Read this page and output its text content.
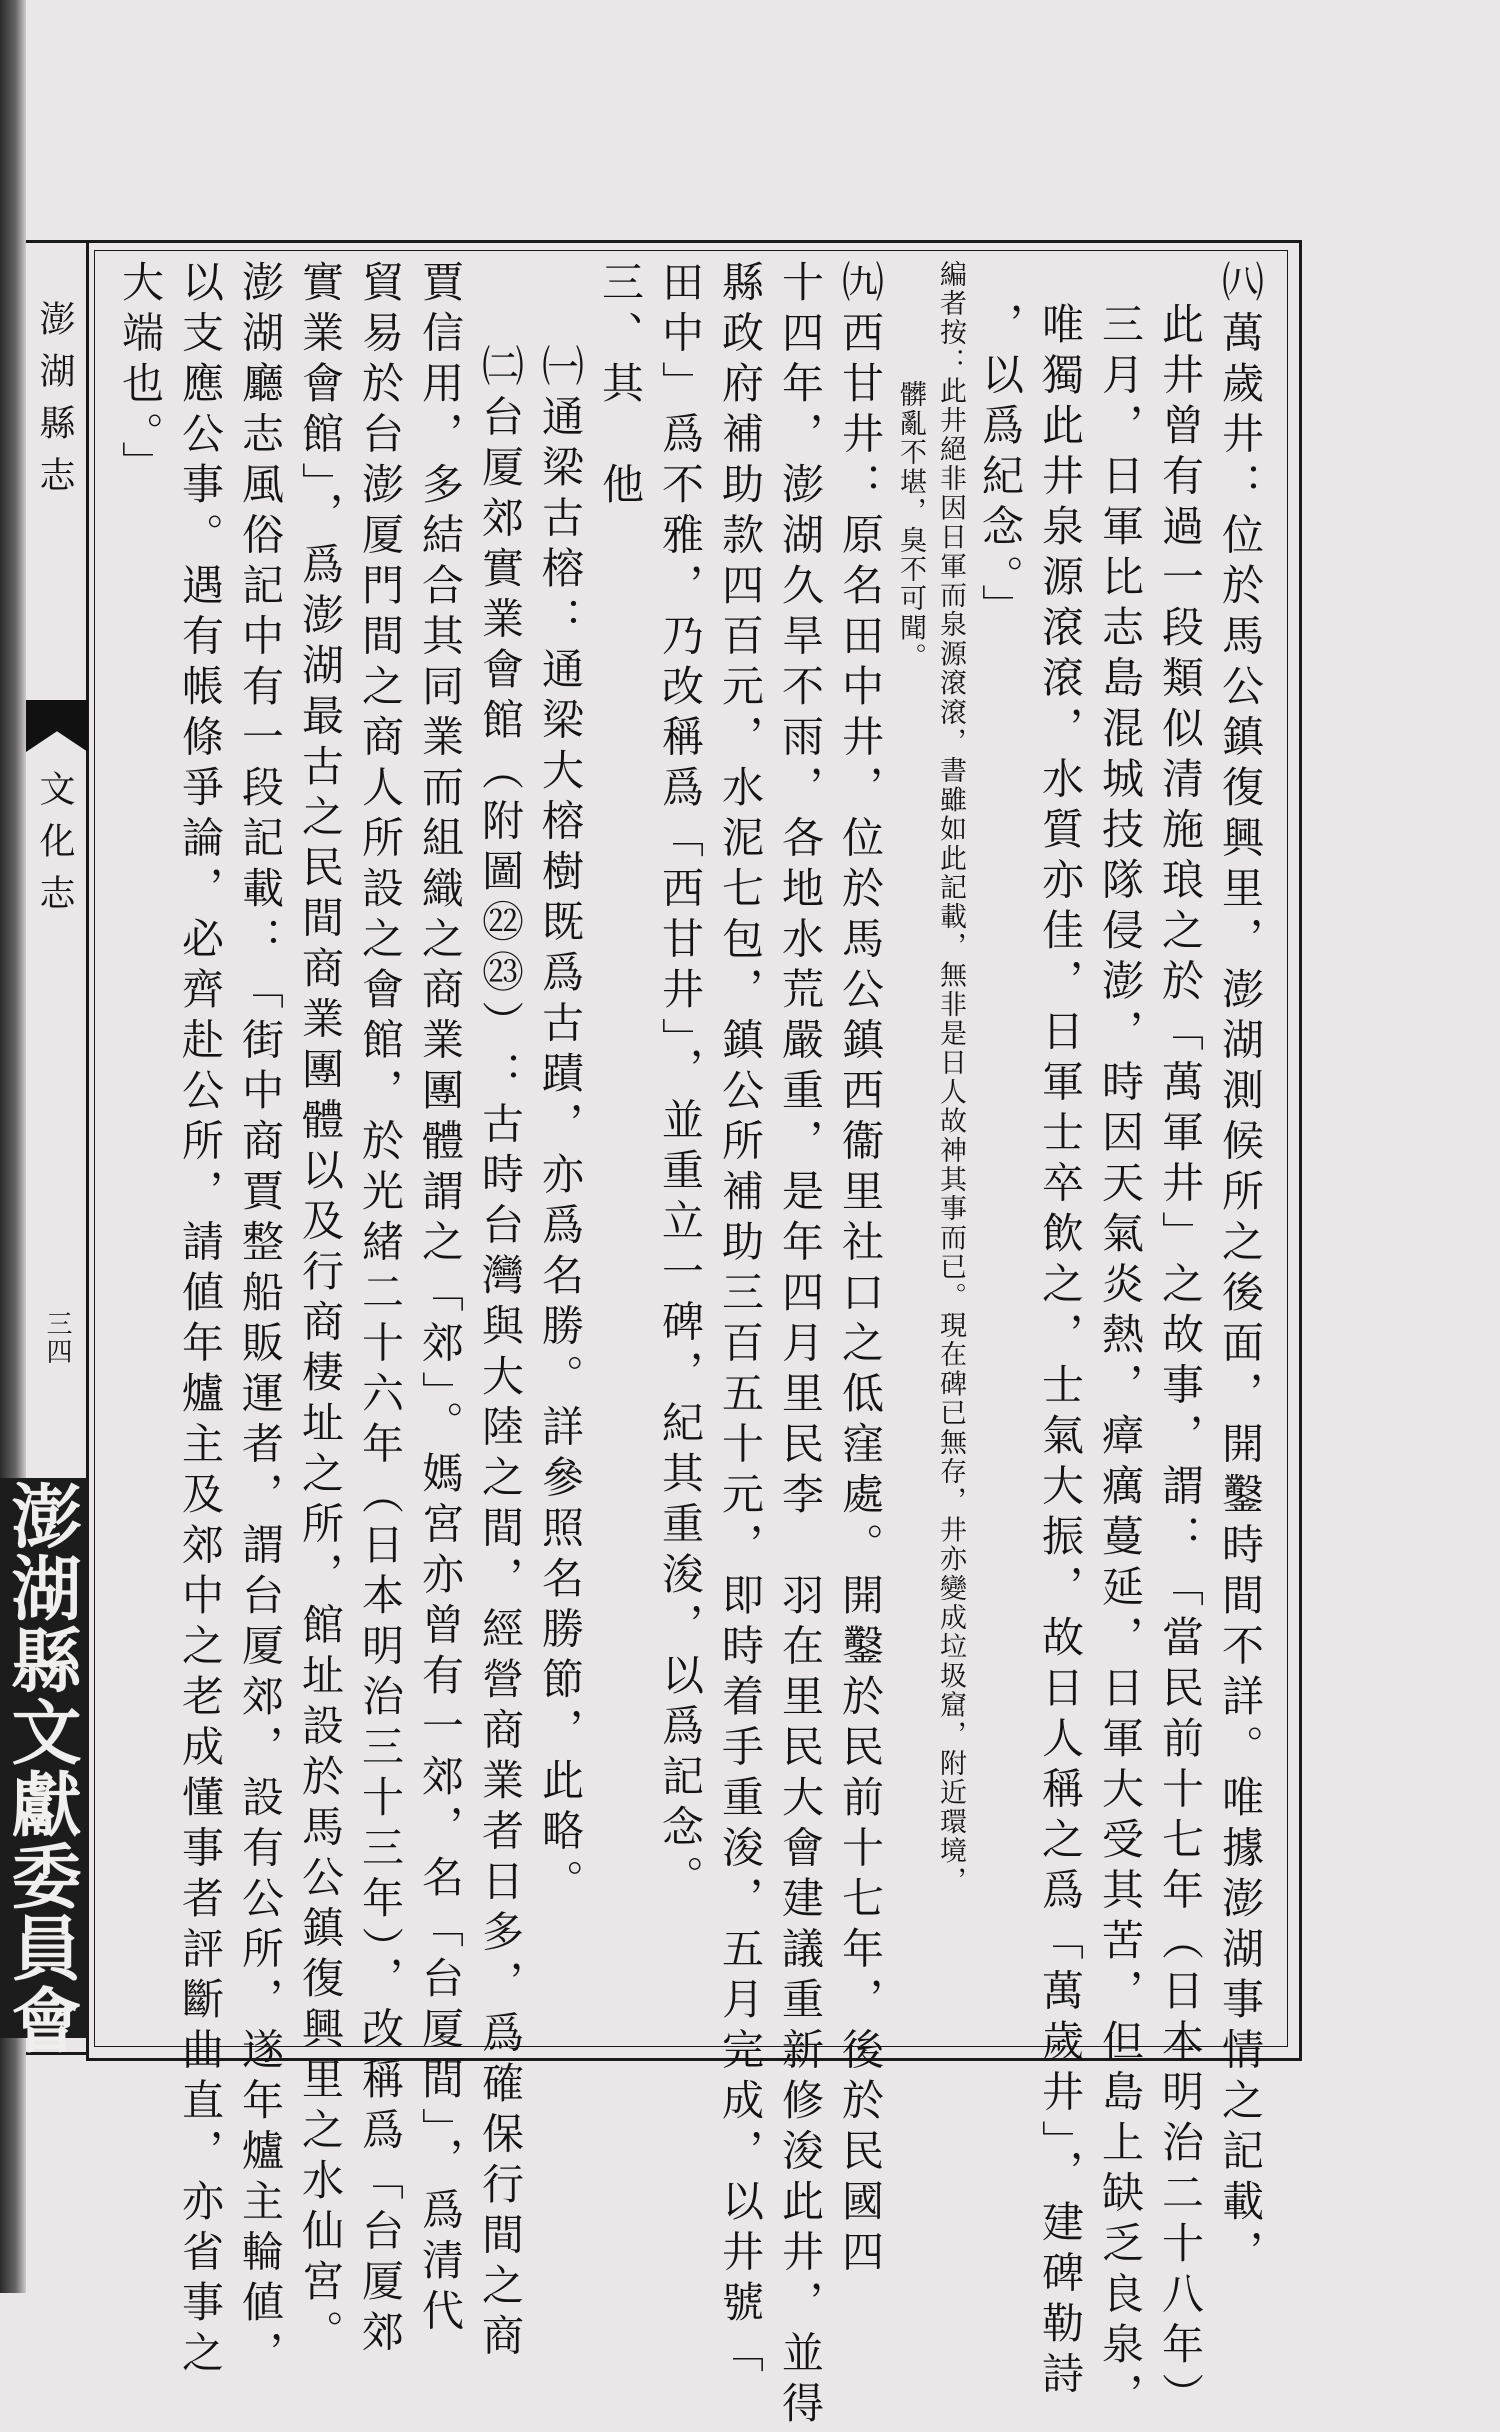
澎湖縣志
文化志
三四
澎湖縣文獻委員會	㈧萬歲井：位於馬公鎮復興里，澎湖測候所之後面，開鑿時間不詳。唯據澎湖事情之記載，
此井曾有過一段類似清施琅之於「萬軍井」之故事，謂：「當民前十七年（日本明治二十八年）
三月，日軍比志島混城技隊侵澎，時因天氣炎熱，瘴癘蔓延，日軍大受其苦，但島上缺乏良泉，
唯獨此井泉源滾滾，水質亦佳，日軍士卒飲之，士氣大振，故日人稱之爲「萬歲井」，建碑勒詩
，以爲紀念。」
編者按：此井絕非因日軍而泉源滾滾，書雖如此記載，無非是日人故神其事而已。現在碑已無存，井亦變成垃圾窟，附近環境，
髒亂不堪，臭不可聞。
㈨西甘井：原名田中井，位於馬公鎮西衞里社口之低窪處。開鑿於民前十七年，後於民國四
十四年，澎湖久旱不雨，各地水荒嚴重，是年四月里民李　羽在里民大會建議重新修浚此井，並得
縣政府補助款四百元，水泥七包，鎮公所補助三百五十元，即時着手重浚，五月完成，以井號「
田中」爲不雅，乃改稱爲「西甘井」，並重立一碑，紀其重浚，以爲記念。
三、其　他
㈠通梁古榕：通梁大榕樹既爲古蹟，亦爲名勝。詳參照名勝節，此略。
㈡台厦郊實業會館（附圖㉒㉓）：古時台灣與大陸之間，經營商業者日多，爲確保行間之商
賈信用，多結合其同業而組織之商業團體謂之「郊」。媽宮亦曾有一郊，名「台厦間」，爲清代
貿易於台澎厦門間之商人所設之會館，於光緒二十六年（日本明治三十三年），改稱爲「台厦郊
實業會館」，爲澎湖最古之民間商業團體以及行商棲址之所，館址設於馬公鎮復興里之水仙宮。
澎湖廳志風俗記中有一段記載：「街中商賈整船販運者，謂台厦郊，設有公所，遂年爐主輪値，
以支應公事。遇有帳條爭論，必齊赴公所，請値年爐主及郊中之老成懂事者評斷曲直，亦省事之
大端也。」
